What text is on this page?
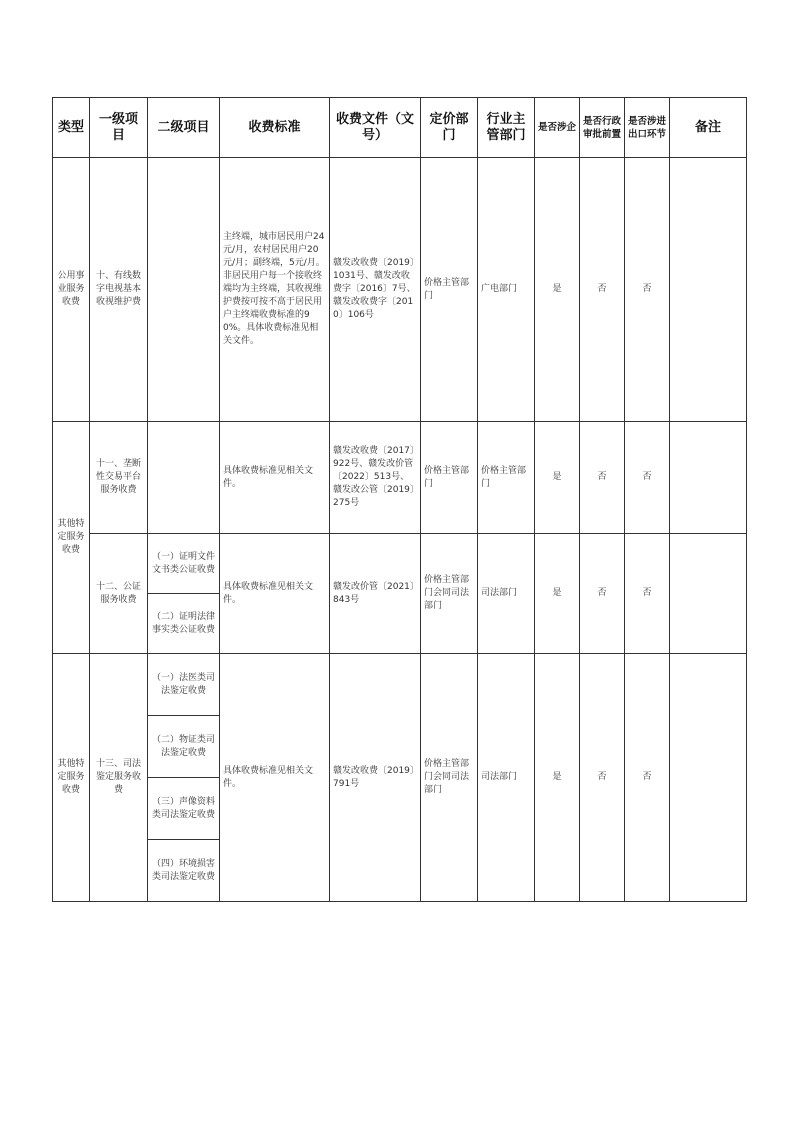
类型	一级项目	二级项目	收费标准	收费文件（文号）	定价部门	行业主管部门	是否涉企	是否行政审批前置	是否涉进出口环节	备注
公用事业服务收费	十、有线数字电视基本收视维护费		主终端，城市居民用户24元/月，农村居民用户20元/月；副终端，5元/月。非居民用户每一个接收终端均为主终端，其收视维护费按可按不高于居民用户主终端收费标准的90%。具体收费标准见相关文件。	赣发改收费〔2019〕1031号、赣发改收费字〔2016〕7号、赣发改收费字〔2010〕106号	价格主管部门	广电部门	是	否	否	
其他特定服务收费	十一、垄断性交易平台服务收费		具体收费标准见相关文件。	赣发改收费〔2017〕922号、赣发改价管〔2022〕513号、赣发改公管〔2019〕275号	价格主管部门	价格主管部门	是	否	否	
	十二、公证服务收费	（一）证明文件文书类公证收费	具体收费标准见相关文件。	赣发改价管〔2021〕843号	价格主管部门会同司法部门	司法部门	是	否	否	
		（二）证明法律事实类公证收费								
其他特定服务收费	十三、司法鉴定服务收费	（一）法医类司法鉴定收费	具体收费标准见相关文件。	赣发改收费〔2019〕791号	价格主管部门会同司法部门	司法部门	是	否	否	
		（二）物证类司法鉴定收费								
		（三）声像资料类司法鉴定收费								
		（四）环境损害类司法鉴定收费								
